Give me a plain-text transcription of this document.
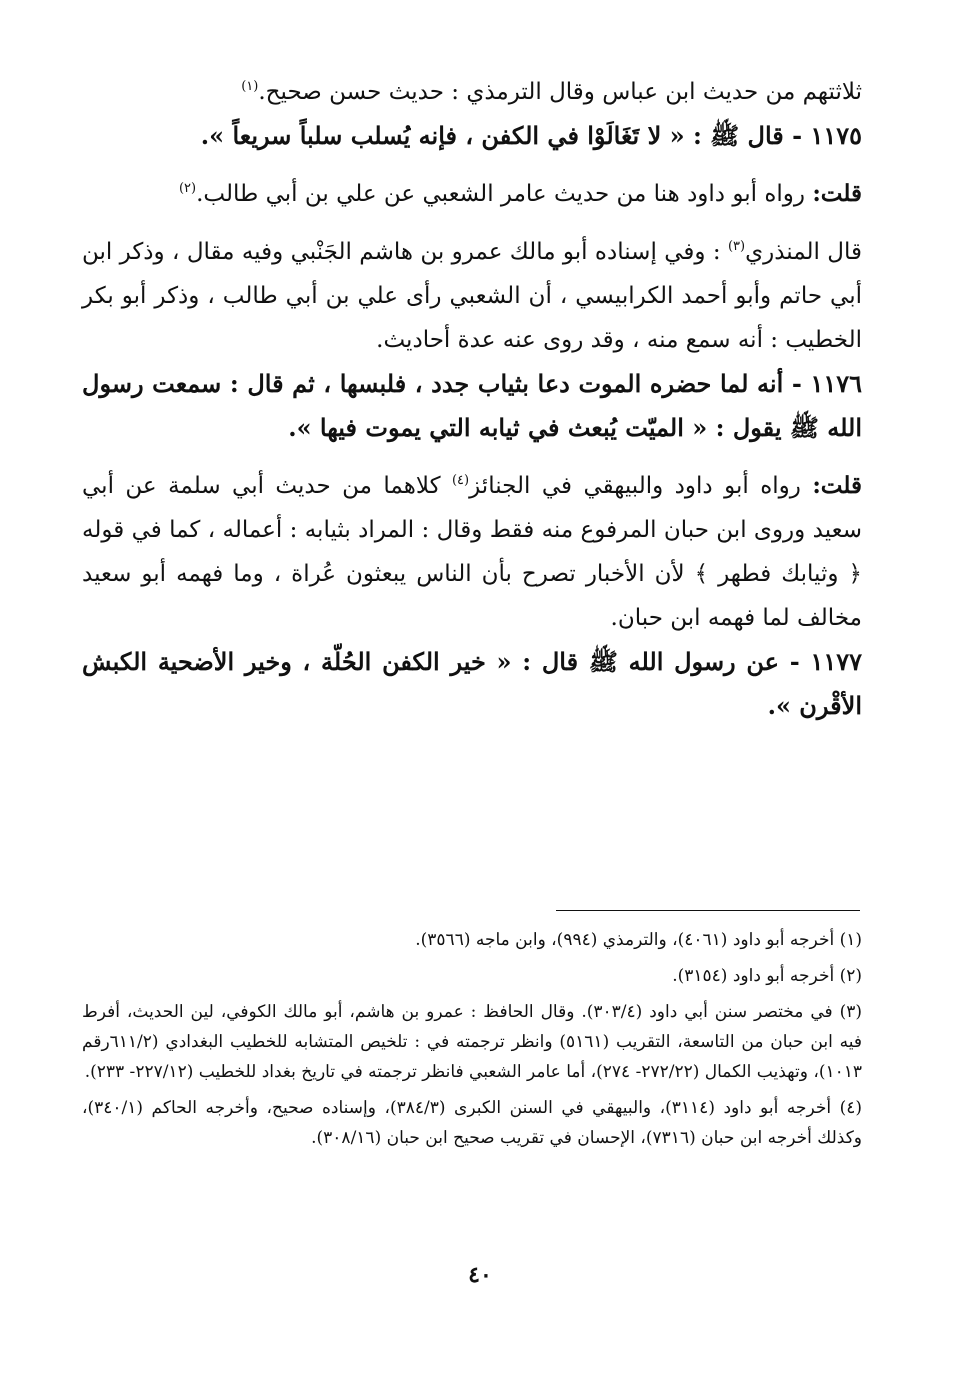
ثلاثتهم من حديث ابن عباس وقال الترمذي : حديث حسن صحيح.$^{(١)}$

١١٧٥ - قال ﷺ : « لا تَغَالَوْا في الكفن ، فإنه يُسلب سلباً سريعاً ».

قلت: رواه أبو داود هنا من حديث عامر الشعبي عن علي بن أبي طالب.$^{(٢)}$

قال المنذري$^{(٣)}$ : وفي إسناده أبو مالك عمرو بن هاشم الجَنْبي وفيه مقال ، وذكر ابن أبي حاتم وأبو أحمد الكرابيسي ، أن الشعبي رأى علي بن أبي طالب ، وذكر أبو بكر الخطيب : أنه سمع منه ، وقد روى عنه عدة أحاديث.

١١٧٦ - أنه لما حضره الموت دعا بثياب جدد ، فلبسها ، ثم قال : سمعت رسول الله ﷺ يقول : « الميّت يُبعث في ثيابه التي يموت فيها ».

قلت: رواه أبو داود والبيهقي في الجنائز$^{(٤)}$ كلاهما من حديث أبي سلمة عن أبي سعيد وروى ابن حبان المرفوع منه فقط وقال : المراد بثيابه : أعماله ، كما في قوله ﴿ وثيابك فطهر ﴾ لأن الأخبار تصرح بأن الناس يبعثون عُراة ، وما فهمه أبو سعيد مخالف لما فهمه ابن حبان.

١١٧٧ - عن رسول الله ﷺ قال : « خير الكفن الحُلّة ، وخير الأضحية الكبش الأقْرن ».

(١) أخرجه أبو داود (٤٠٦١)، والترمذي (٩٩٤)، وابن ماجه (٣٥٦٦).

(٢) أخرجه أبو داود (٣١٥٤).

(٣) في مختصر سنن أبي داود (٣٠٣/٤). وقال الحافظ : عمرو بن هاشم، أبو مالك الكوفي، لين الحديث، أفرط فيه ابن حبان من التاسعة، التقريب (٥١٦١) وانظر ترجمته في : تلخيص المتشابه للخطيب البغدادي (٦١١/٢رقم ١٠١٣)، وتهذيب الكمال (٢٧٢/٢٢- ٢٧٤)، أما عامر الشعبي فانظر ترجمته في تاريخ بغداد للخطيب (٢٢٧/١٢- ٢٣٣).

(٤) أخرجه أبو داود (٣١١٤)، والبيهقي في السنن الكبرى (٣٨٤/٣)، وإسناده صحيح، وأخرجه الحاكم (٣٤٠/١)، وكذلك أخرجه ابن حبان (٧٣١٦)، الإحسان في تقريب صحيح ابن حبان (٣٠٨/١٦).

٤٠
